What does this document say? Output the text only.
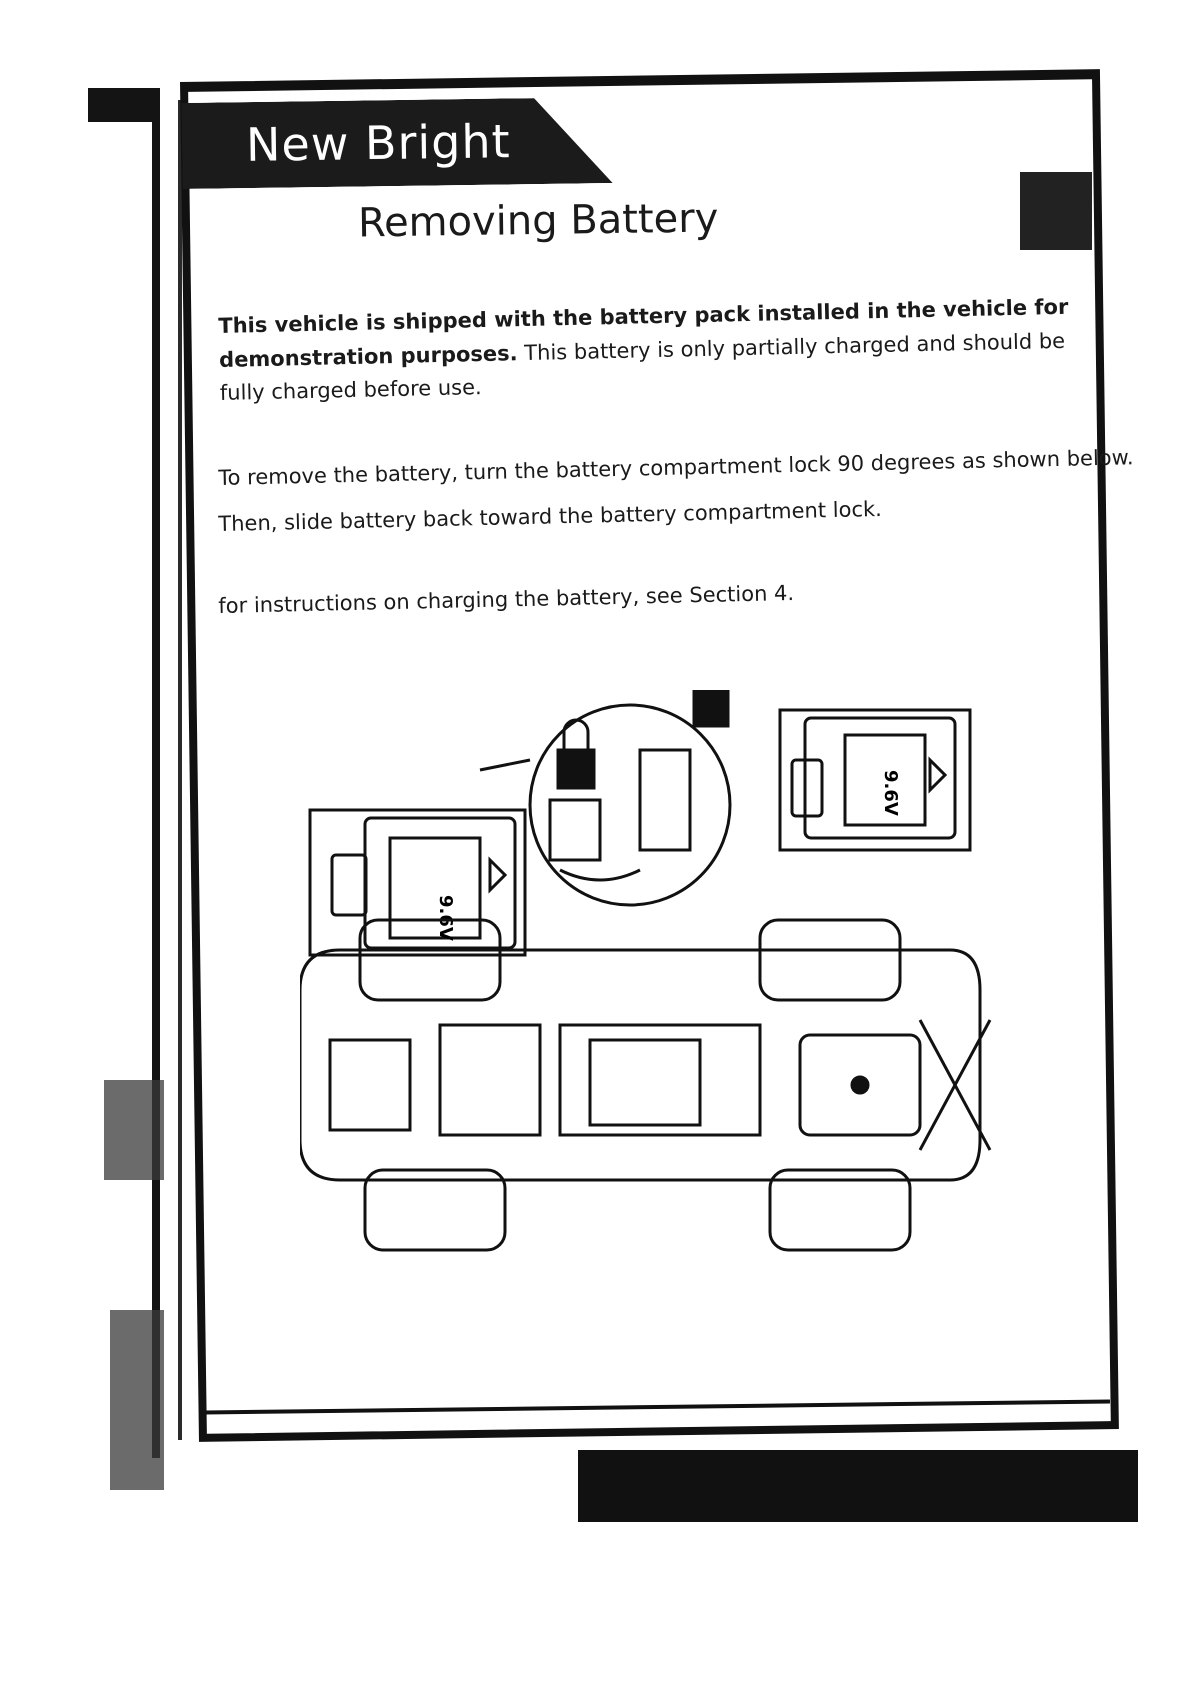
New Bright
Removing Battery
This vehicle is shipped with the battery pack installed in the vehicle for demonstration purposes. This battery is only partially charged and should be fully charged before use.
To remove the battery, turn the battery compartment lock 90 degrees as shown below.
Then, slide battery back toward the battery compartment lock.
for instructions on charging the battery, see Section 4.
9.6V
9.6V
